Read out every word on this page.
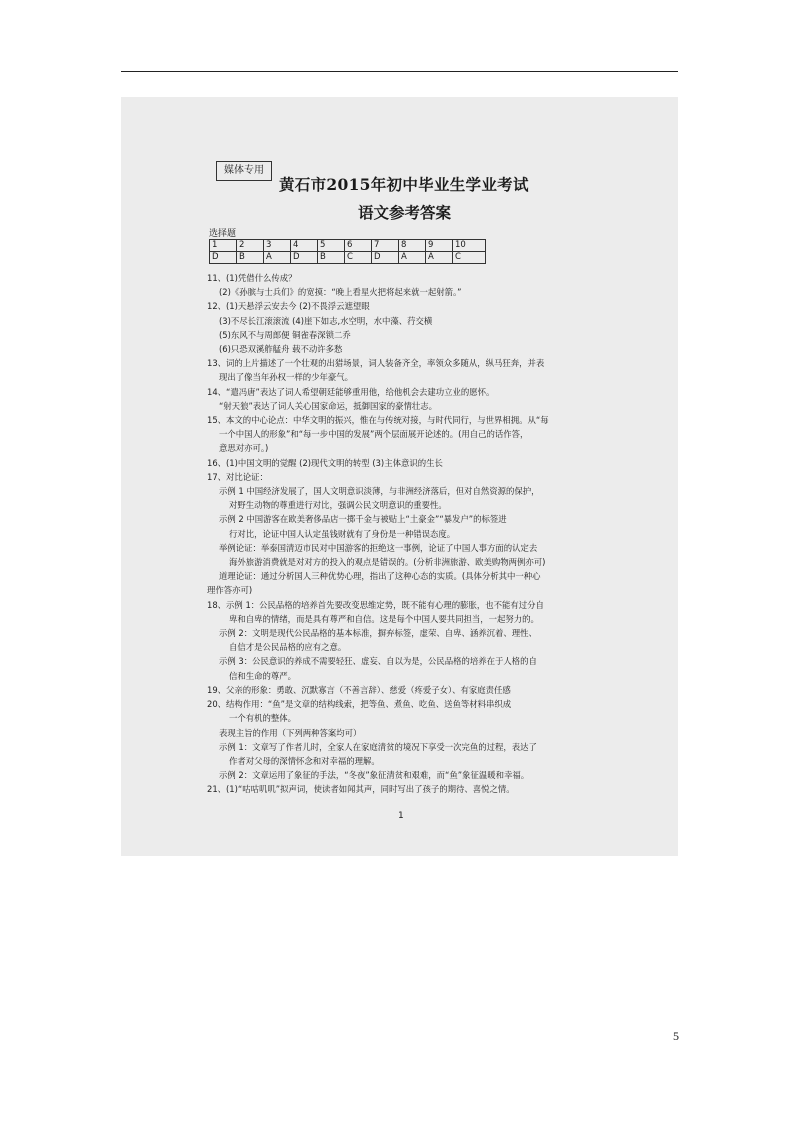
媒体专用
黄石市2015年初中毕业生学业考试
语文参考答案
选择题
1	2	3	4	5	6	7	8	9	10
D	B	A	D	B	C	D	A	A	C
11、(1)凭借什么传成？
(2)《孙膑与士兵们》的宽摸：“晚上看星火把将起来就一起射箭。”
12、(1)天悬浮云安去今 (2)不畏浮云遮望眼
(3)不尽长江滚滚流 (4)崖下如志,水空明，水中藻、荇交横
(5)东风不与周郎便 铜雀春深锁二乔
(6)只恐双溪舴艋舟 载不动许多愁
13、词的上片描述了一个壮观的出猎场景，词人装备齐全，率领众多随从，纵马狂奔，并表
现出了像当年孙权一样的少年豪气。
14、“遣冯唐”表达了词人希望朝廷能够重用他，给他机会去建功立业的愿怀。
“射天狼”表达了词人关心国家命运，抵御国家的豪情壮志。
15、本文的中心论点：中华文明的振兴，惟在与传统对接，与时代同行，与世界相拥。从“每
一个中国人的形象”和“每一步中国的发展”两个层面展开论述的。(用自己的话作答，
意思对亦可。)
16、(1)中国文明的觉醒 (2)现代文明的转型 (3)主体意识的生长
17、对比论证：
示例 1 中国经济发展了，国人文明意识淡薄，与非洲经济落后，但对自然资源的保护，
对野生动物的尊重进行对比，强调公民文明意识的重要性。
示例 2 中国游客在欧美奢侈品店一掷千金与被贴上“土豪金”“暴发户”的标签进
行对比，论证中国人认定虽钱财就有了身份是一种错误态度。
举例论证：举泰国清迈市民对中国游客的拒绝这一事例，论证了中国人事方面的认定去
海外旅游消费就是对对方的投入的观点是错误的。(分析非洲旅游、欧美购物两例亦可)
道理论证：通过分析国人三种优势心理，指出了这种心态的实质。(具体分析其中一种心
理作答亦可)
18、示例 1：公民品格的培养首先要改变思维定势，既不能有心理的膨胀，也不能有过分自
卑和自卑的情绪，而是具有尊严和自信。这是每个中国人要共同担当，一起努力的。
示例 2：文明是现代公民品格的基本标准，摒弃标签，虚荣、自卑、涵养沉着、理性、
自信才是公民品格的应有之意。
示例 3：公民意识的养成不需要轻狂、虚妄、自以为是，公民品格的培养在于人格的自
信和生命的尊严。
19、父亲的形象：勇敢、沉默寡言（不善言辞）、慈爱（疼爱子女）、有家庭责任感
20、结构作用：“鱼”是文章的结构线索，把等鱼、煮鱼、吃鱼、送鱼等材料串织成
一个有机的整体。
表现主旨的作用（下列两种答案均可）
示例 1：文章写了作者儿时，全家人在家庭清贫的境况下享受一次完鱼的过程，表达了
作者对父母的深情怀念和对幸福的理解。
示例 2：文章运用了象征的手法，“冬夜”象征清贫和艰难，而“鱼”象征温暖和幸福。
21、(1)“咕咕叽叽”拟声词，使读者如闻其声，同时写出了孩子的期待、喜悦之情。
1
5
